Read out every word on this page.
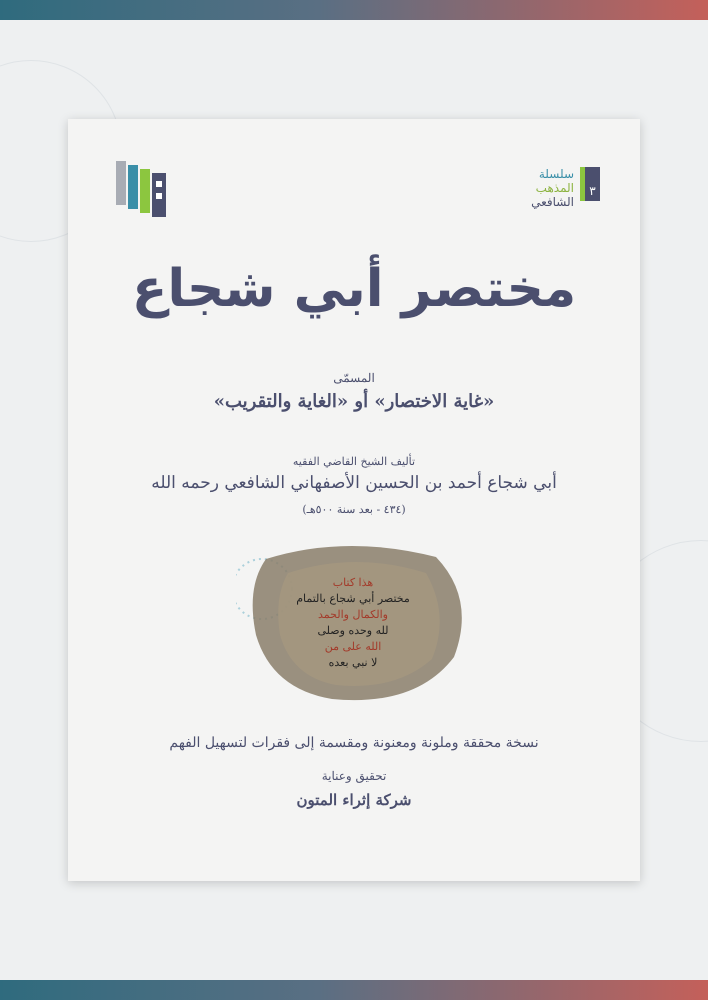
٣
سلسلة
المذهب
الشافعي
مختصر أبي شجاع
المسمّى
«غاية الاختصار» أو «الغاية والتقريب»
تأليف الشيخ القاضي الفقيه
أبي شجاع أحمد بن الحسين الأصفهاني الشافعي رحمه الله
(٤٣٤ - بعد سنة ٥٠٠هـ)
هذا كتاب
مختصر أبي شجاع بالتمام
والكمال والحمد
لله وحده وصلى
الله على من
لا نبي بعده
نسخة محققة وملونة ومعنونة ومقسمة إلى فقرات لتسهيل الفهم
تحقيق وعناية
شركة إثراء المتون
